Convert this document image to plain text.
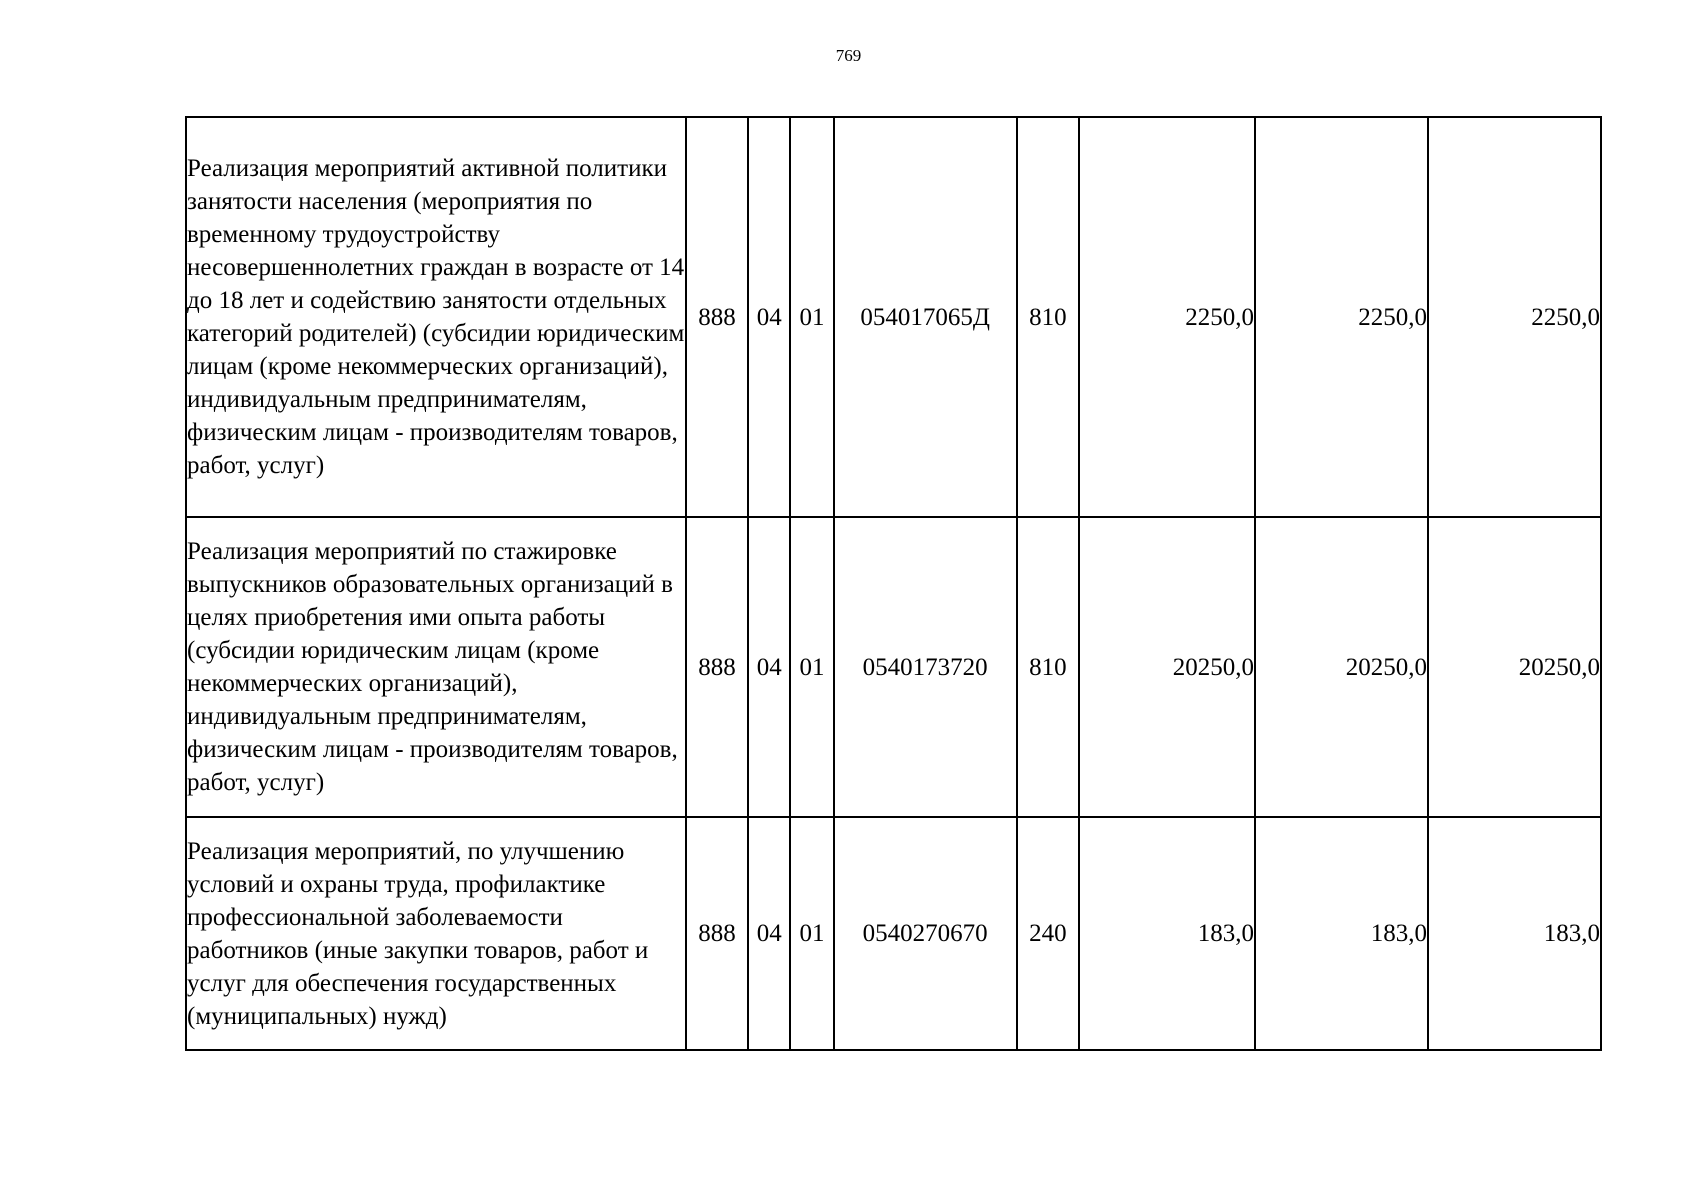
769
Реализация мероприятий активной политики занятости населения (мероприятия по временному трудоустройству несовершеннолетних граждан в возрасте от 14 до 18 лет и содействию занятости отдельных категорий родителей) (субсидии юридическим лицам (кроме некоммерческих организаций), индивидуальным предпринимателям, физическим лицам - производителям товаров, работ, услуг)	888	04	01	054017065Д	810	2250,0	2250,0	2250,0
Реализация мероприятий по стажировке выпускников образовательных организаций в целях приобретения ими опыта работы (субсидии юридическим лицам (кроме некоммерческих организаций), индивидуальным предпринимателям, физическим лицам - производителям товаров, работ, услуг)	888	04	01	0540173720	810	20250,0	20250,0	20250,0
Реализация мероприятий, по улучшению условий и охраны труда, профилактике профессиональной заболеваемости работников (иные закупки товаров, работ и услуг для обеспечения государственных (муниципальных) нужд)	888	04	01	0540270670	240	183,0	183,0	183,0
